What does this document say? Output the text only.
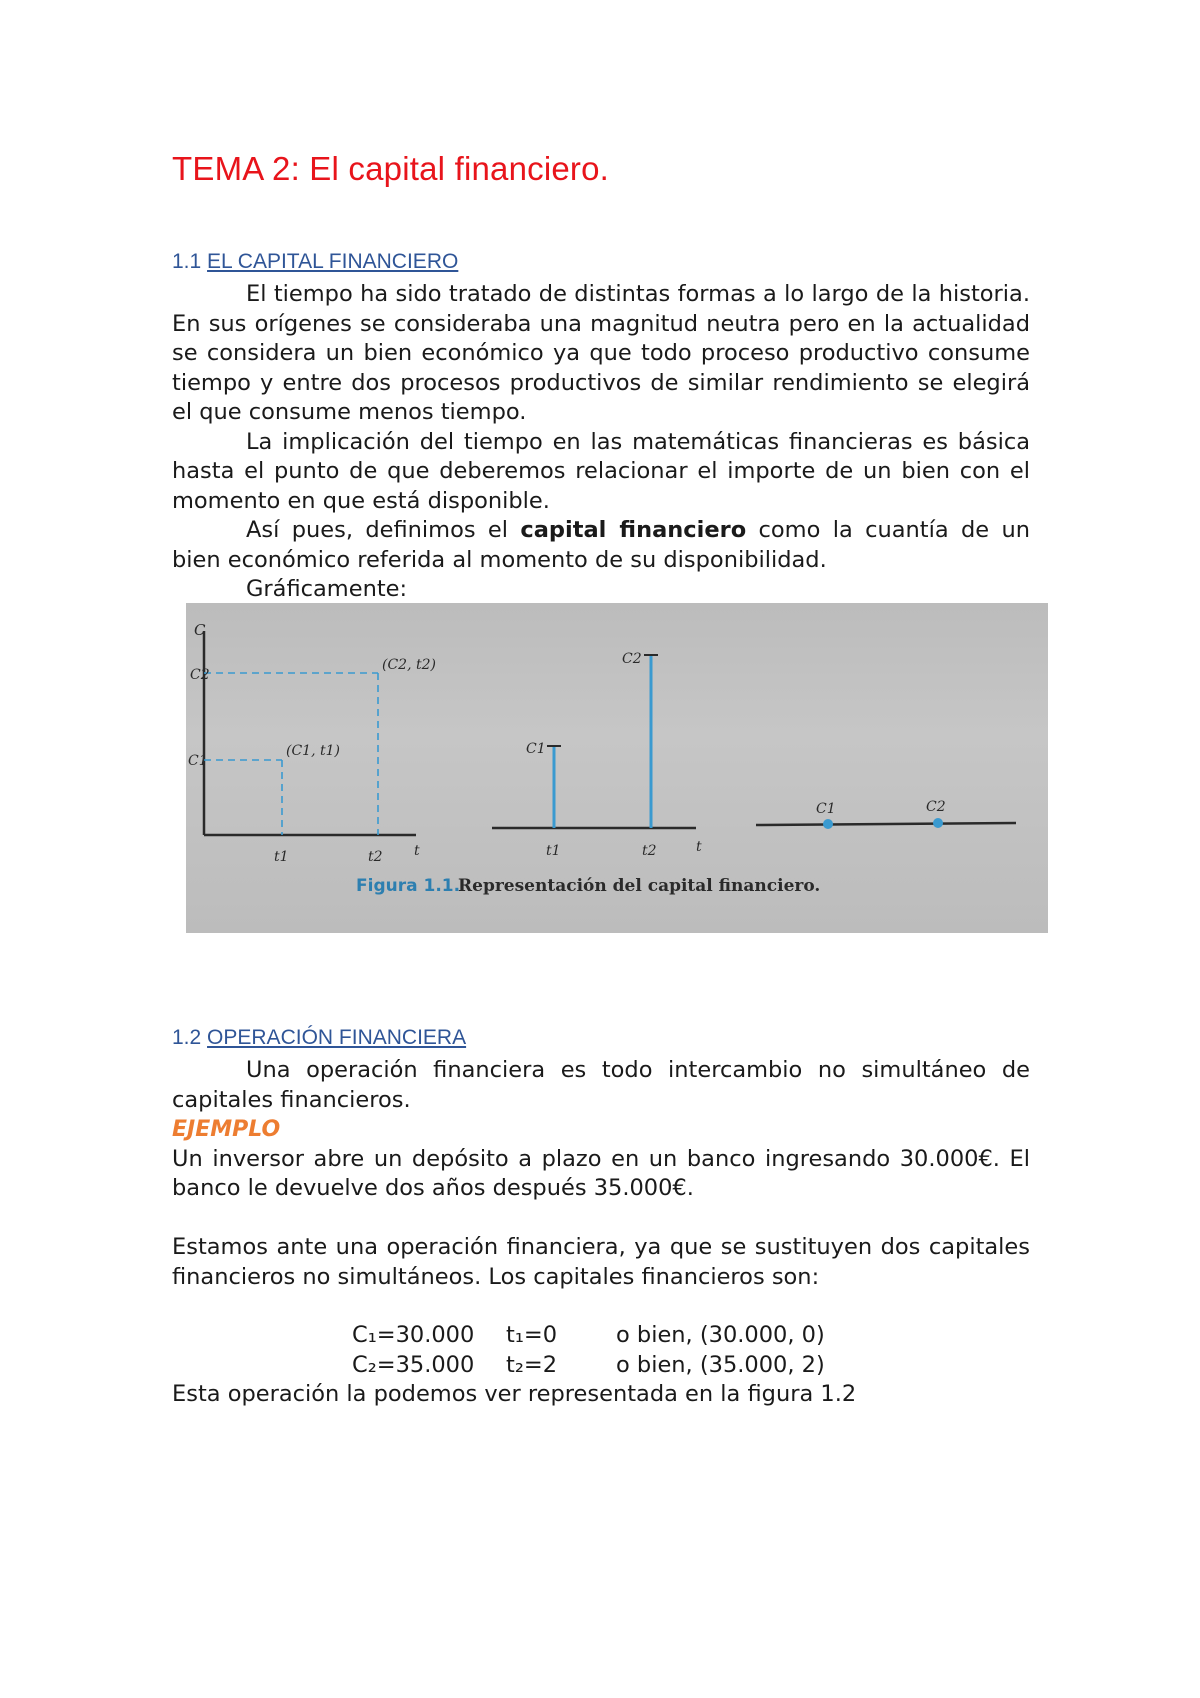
TEMA 2: El capital financiero.
1.1 EL CAPITAL FINANCIERO

El tiempo ha sido tratado de distintas formas a lo largo de la historia. En sus orígenes se consideraba una magnitud neutra pero en la actualidad se considera un bien económico ya que todo proceso productivo consume tiempo y entre dos procesos productivos de similar rendimiento se elegirá el que consume menos tiempo.

La implicación del tiempo en las matemáticas financieras es básica hasta el punto de que deberemos relacionar el importe de un bien con el momento en que está disponible.

Así pues, definimos el capital financiero como la cuantía de un bien económico referida al momento de su disponibilidad.

Gráficamente:

C
C2
C1
(C1, t1)
(C2, t2)
t1	t2 t
C1
C2
t1	t2	t
C1	C2
Figura 1.1.
Representación del capital financiero.
1.2 OPERACIÓN FINANCIERA

Una operación financiera es todo intercambio no simultáneo de capitales financieros.

EJEMPLO

Un inversor abre un depósito a plazo en un banco ingresando 30.000€. El banco le devuelve dos años después 35.000€.

Estamos ante una operación financiera, ya que se sustituyen dos capitales financieros no simultáneos. Los capitales financieros son:

C₁=30.000 t₁=0	o bien, (30.000, 0)
C₂=35.000 t₂=2	o bien, (35.000, 2)
Esta operación la podemos ver representada en la figura 1.2
